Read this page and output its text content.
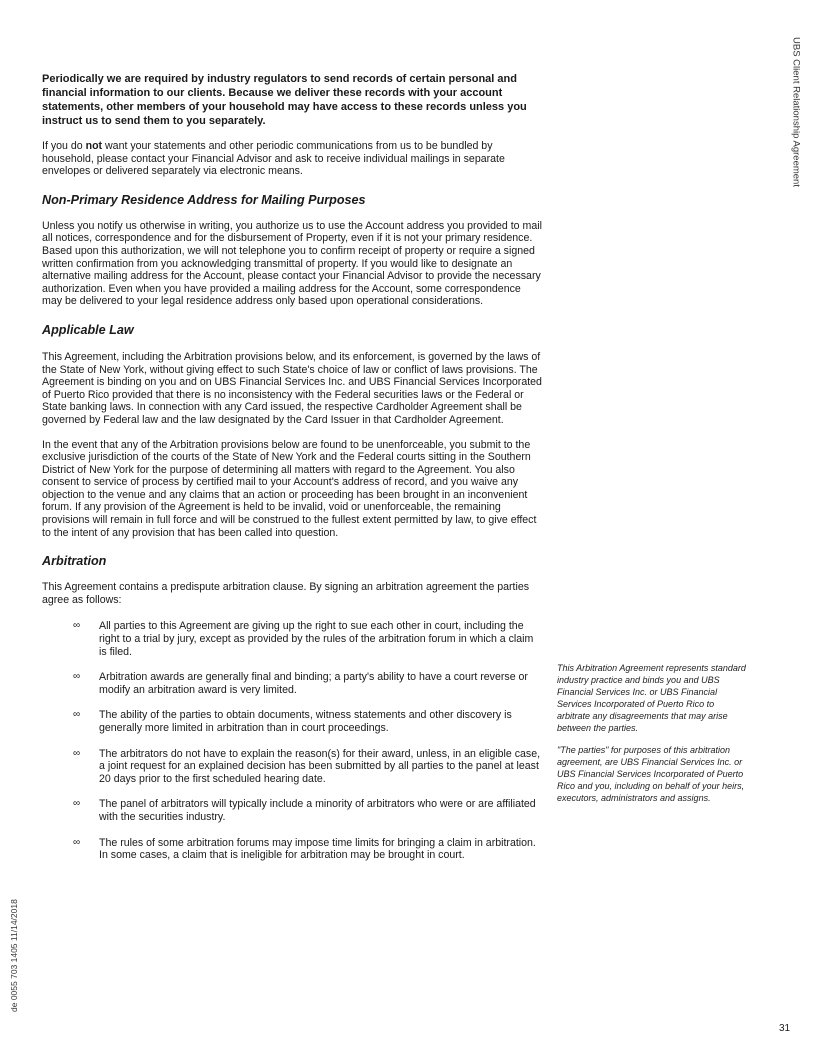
UBS Client Relationship Agreement
de 0055 703 1405 11/14/2018
31

Periodically we are required by industry regulators to send records of certain personal and financial information to our clients. Because we deliver these records with your account statements, other members of your household may have access to these records unless you instruct us to send them to you separately.

If you do not want your statements and other periodic communications from us to be bundled by household, please contact your Financial Advisor and ask to receive individual mailings in separate envelopes or delivered separately via electronic means.

Non-Primary Residence Address for Mailing Purposes

Unless you notify us otherwise in writing, you authorize us to use the Account address you provided to mail all notices, correspondence and for the disbursement of Property, even if it is not your primary residence. Based upon this authorization, we will not telephone you to confirm receipt of property or require a signed written confirmation from you acknowledging transmittal of property. If you would like to designate an alternative mailing address for the Account, please contact your Financial Advisor to provide the necessary authorization. Even when you have provided a mailing address for the Account, some correspondence may be delivered to your legal residence address only based upon operational considerations.

Applicable Law

This Agreement, including the Arbitration provisions below, and its enforcement, is governed by the laws of the State of New York, without giving effect to such State's choice of law or conflict of laws provisions. The Agreement is binding on you and on UBS Financial Services Inc. and UBS Financial Services Incorporated of Puerto Rico provided that there is no inconsistency with the Federal securities laws or the Federal or State banking laws. In connection with any Card issued, the respective Cardholder Agreement shall be governed by Federal law and the law designated by the Card Issuer in that Cardholder Agreement.

In the event that any of the Arbitration provisions below are found to be unenforceable, you submit to the exclusive jurisdiction of the courts of the State of New York and the Federal courts sitting in the Southern District of New York for the purpose of determining all matters with regard to the Agreement. You also consent to service of process by certified mail to your Account's address of record, and you waive any objection to the venue and any claims that an action or proceeding has been brought in an inconvenient forum. If any provision of the Agreement is held to be invalid, void or unenforceable, the remaining provisions will remain in full force and will be construed to the fullest extent permitted by law, to give effect to the intent of any provision that has been called into question.

Arbitration

This Agreement contains a predispute arbitration clause. By signing an arbitration agreement the parties agree as follows:

∞ All parties to this Agreement are giving up the right to sue each other in court, including the right to a trial by jury, except as provided by the rules of the arbitration forum in which a claim is filed.
∞ Arbitration awards are generally final and binding; a party's ability to have a court reverse or modify an arbitration award is very limited.
∞ The ability of the parties to obtain documents, witness statements and other discovery is generally more limited in arbitration than in court proceedings.
∞ The arbitrators do not have to explain the reason(s) for their award, unless, in an eligible case, a joint request for an explained decision has been submitted by all parties to the panel at least 20 days prior to the first scheduled hearing date.
∞ The panel of arbitrators will typically include a minority of arbitrators who were or are affiliated with the securities industry.
∞ The rules of some arbitration forums may impose time limits for bringing a claim in arbitration. In some cases, a claim that is ineligible for arbitration may be brought in court.

This Arbitration Agreement represents standard industry practice and binds you and UBS Financial Services Inc. or UBS Financial Services Incorporated of Puerto Rico to arbitrate any disagreements that may arise between the parties.

"The parties" for purposes of this arbitration agreement, are UBS Financial Services Inc. or UBS Financial Services Incorporated of Puerto Rico and you, including on behalf of your heirs, executors, administrators and assigns.
